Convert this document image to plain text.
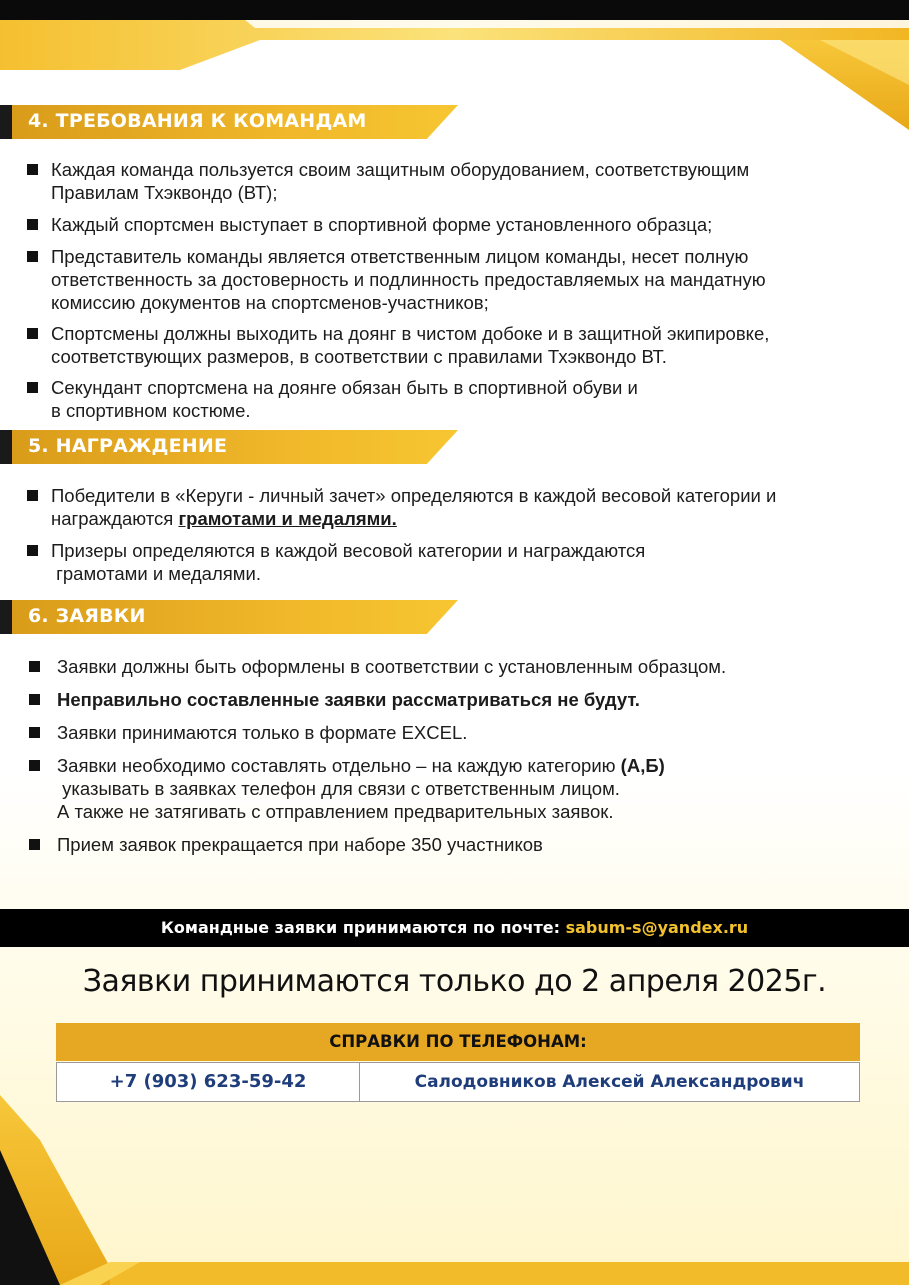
4. ТРЕБОВАНИЯ К КОМАНДАМ
Каждая команда пользуется своим защитным оборудованием, соответствующим
Правилам Тхэквондо (ВТ);
Каждый спортсмен выступает в спортивной форме установленного образца;
Представитель команды является ответственным лицом команды, несет полную
ответственность за достоверность и подлинность предоставляемых на мандатную
комиссию документов на спортсменов-участников;
Спортсмены должны выходить на доянг в чистом добоке и в защитной экипировке,
соответствующих размеров, в соответствии с правилами Тхэквондо ВТ.
Секундант спортсмена на доянге обязан быть в спортивной обуви и
в спортивном костюме.
5. НАГРАЖДЕНИЕ
Победители в «Керуги - личный зачет» определяются в каждой весовой категории и
награждаются грамотами и медалями.
Призеры определяются в каждой весовой категории и награждаются
грамотами и медалями.
6. ЗАЯВКИ
Заявки должны быть оформлены в соответствии с установленным образцом.
Неправильно составленные заявки рассматриваться не будут.
Заявки принимаются только в формате EXCEL.
Заявки необходимо составлять отдельно – на каждую категорию (А,Б)
указывать в заявках телефон для связи с ответственным лицом.
А также не затягивать с отправлением предварительных заявок.
Прием заявок прекращается при наборе 350 участников
Командные заявки принимаются по почте: sabum-s@yandex.ru
Заявки принимаются только до 2 апреля 2025г.
СПРАВКИ ПО ТЕЛЕФОНАМ:
+7 (903) 623-59-42	Салодовников Алексей Александрович
